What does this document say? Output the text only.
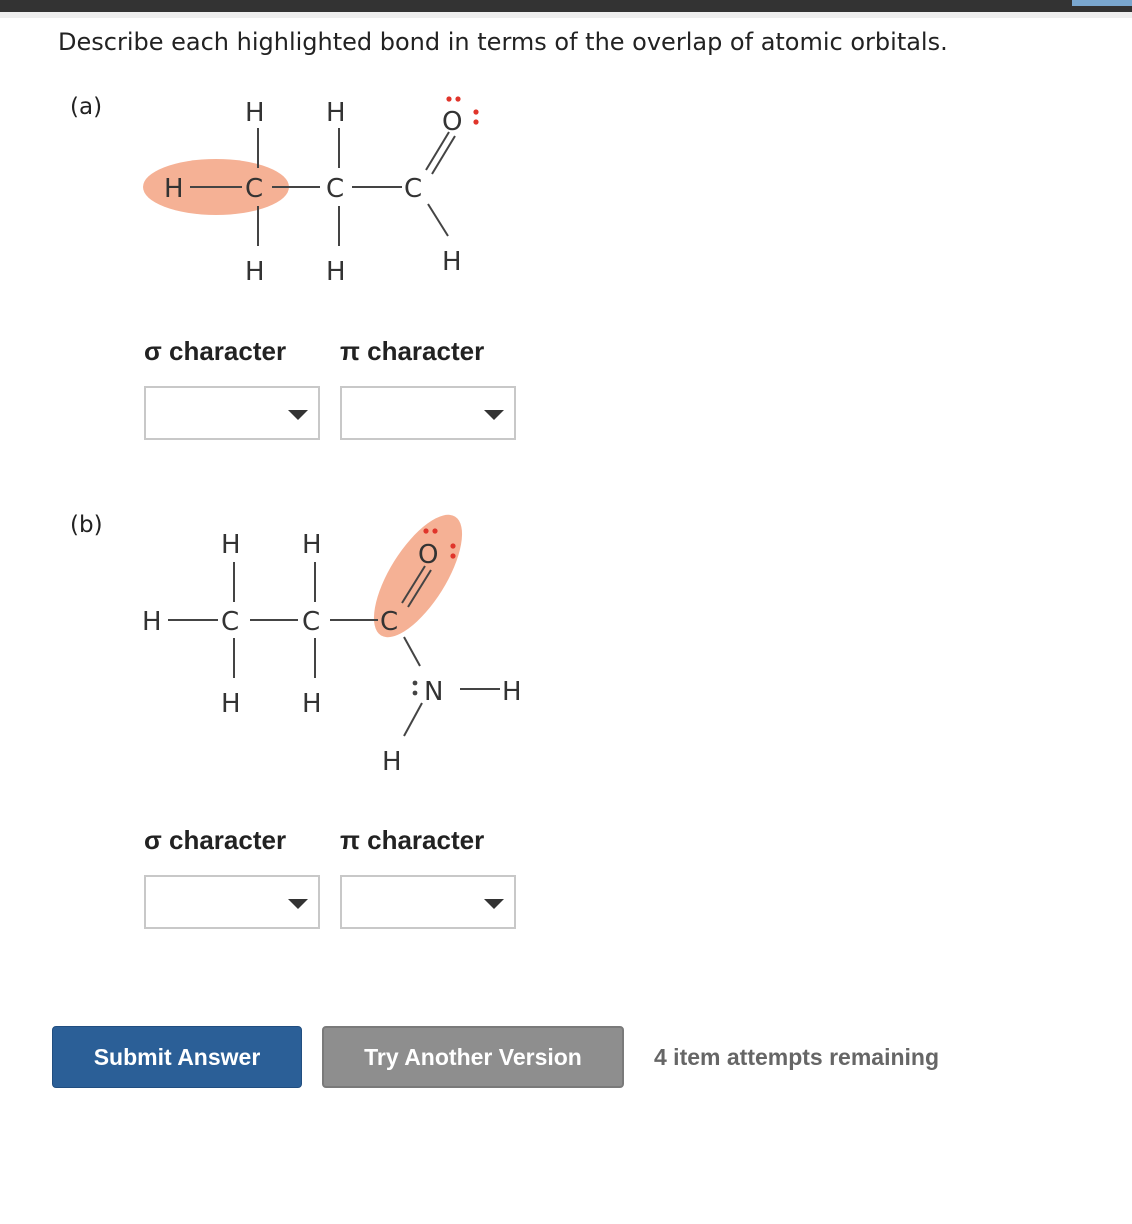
Describe each highlighted bond in terms of the overlap of atomic orbitals.
(a)	H H	O
H C C C
H H	H
H H	O
H C C C
H H	N H
H
σ character π character
(b)
σ character π character
Submit Answer	Try Another Version	4 item attempts remaining
